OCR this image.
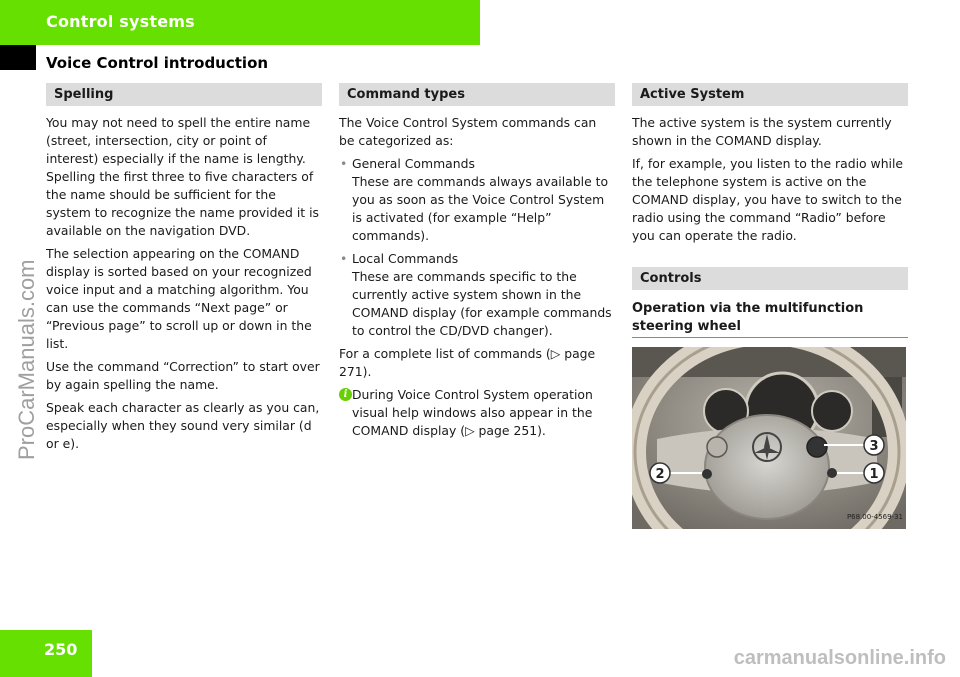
Control systems
Voice Control introduction
Spelling

You may not need to spell the entire name (street, intersection, city or point of interest) especially if the name is lengthy. Spelling the first three to five characters of the name should be sufficient for the system to recognize the name provided it is available on the navigation DVD.

The selection appearing on the COMAND display is sorted based on your recognized voice input and a matching algorithm. You can use the commands “Next page” or “Previous page” to scroll up or down in the list.

Use the command “Correction” to start over by again spelling the name.

Speak each character as clearly as you can, especially when they sound very similar (d or e).

Command types

The Voice Control System commands can be categorized as:

• General Commands
These are commands always available to you as soon as the Voice Control System is activated (for example “Help” commands).
• Local Commands
These are commands specific to the currently active system shown in the COMAND display (for example commands to control the CD/DVD changer).

For a complete list of commands (▷ page 271).

i During Voice Control System operation visual help windows also appear in the COMAND display (▷ page 251).
Active System

The active system is the system currently shown in the COMAND display.

If, for example, you listen to the radio while the telephone system is active on the COMAND display, you have to switch to the radio using the command “Radio” before you can operate the radio.

Controls
Operation via the multifunction steering wheel
3
2	1
P68.00-4569-31
250
ProCarManuals.com
carmanualsonline.info
